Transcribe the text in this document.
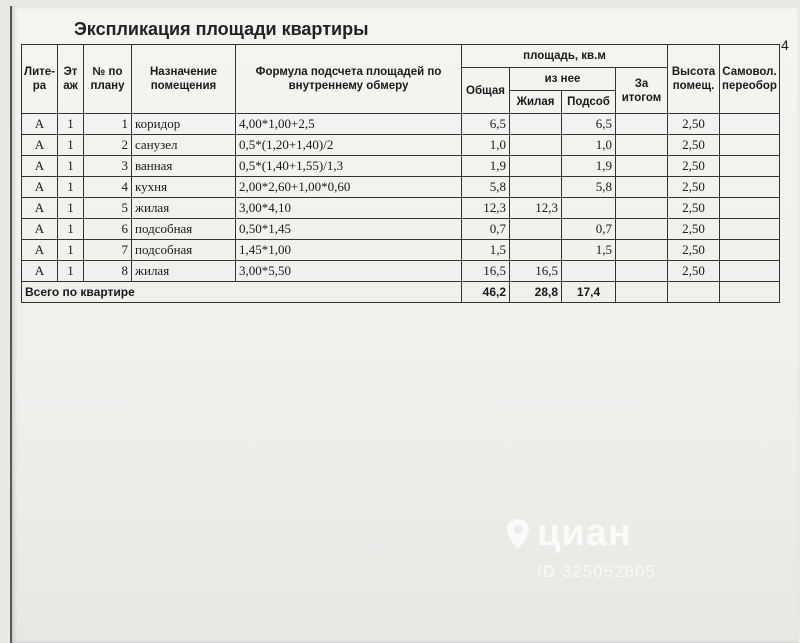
Экспликация площади квартиры
4
Лите-ра	Эт аж	№ по плану	Назначение помещения	Формула подсчета площадей по внутреннему обмеру	площадь, кв.м				Высота помещ.	Самовол. переобор
					Общая	из нее		За итогом		
						Жилая	Подсоб			
А	1	1	коридор	4,00*1,00+2,5	6,5		6,5		2,50	
А	1	2	санузел	0,5*(1,20+1,40)/2	1,0		1,0		2,50	
А	1	3	ванная	0,5*(1,40+1,55)/1,3	1,9		1,9		2,50	
А	1	4	кухня	2,00*2,60+1,00*0,60	5,8		5,8		2,50	
А	1	5	жилая	3,00*4,10	12,3	12,3			2,50	
А	1	6	подсобная	0,50*1,45	0,7		0,7		2,50	
А	1	7	подсобная	1,45*1,00	1,5		1,5		2,50	
А	1	8	жилая	3,00*5,50	16,5	16,5			2,50	
Всего по квартире					46,2	28,8	17,4			
циан
ID 325052805
